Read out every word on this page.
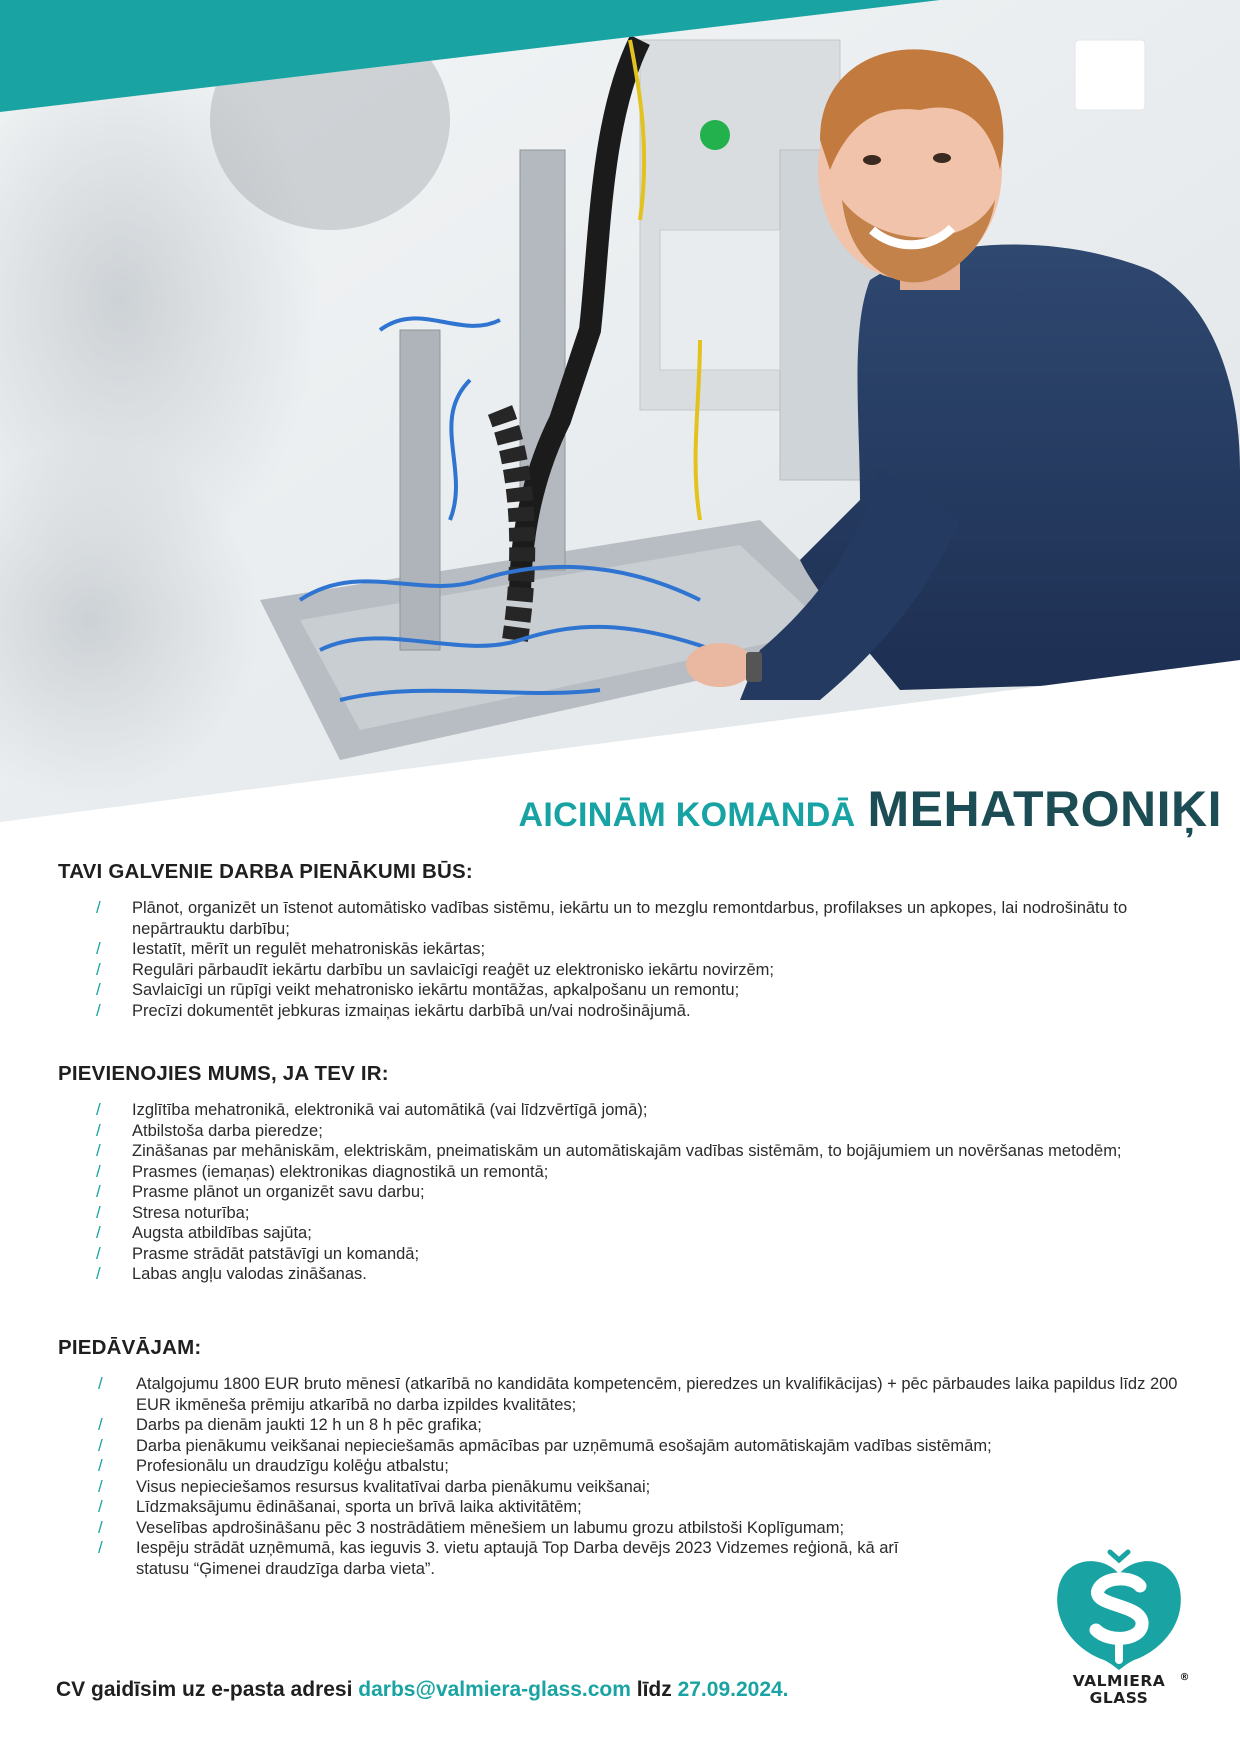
AICINĀM KOMANDĀ MEHATRONIĶI
TAVI GALVENIE DARBA PIENĀKUMI BŪS:
/ Plānot, organizēt un īstenot automātisko vadības sistēmu, iekārtu un to mezglu remontdarbus, profilakses un apkopes, lai nodrošinātu to nepārtrauktu darbību;
/ Iestatīt, mērīt un regulēt mehatroniskās iekārtas;
/ Regulāri pārbaudīt iekārtu darbību un savlaicīgi reaģēt uz elektronisko iekārtu novirzēm;
/ Savlaicīgi un rūpīgi veikt mehatronisko iekārtu montāžas, apkalpošanu un remontu;
/ Precīzi dokumentēt jebkuras izmaiņas iekārtu darbībā un/vai nodrošinājumā.
PIEVIENOJIES MUMS, JA TEV IR:
/ Izglītība mehatronikā, elektronikā vai automātikā (vai līdzvērtīgā jomā);
/ Atbilstoša darba pieredze;
/ Zināšanas par mehāniskām, elektriskām, pneimatiskām un automātiskajām vadības sistēmām, to bojājumiem un novēršanas metodēm;
/ Prasmes (iemaņas) elektronikas diagnostikā un remontā;
/ Prasme plānot un organizēt savu darbu;
/ Stresa noturība;
/ Augsta atbildības sajūta;
/ Prasme strādāt patstāvīgi un komandā;
/ Labas angļu valodas zināšanas.
PIEDĀVĀJAM:
/ Atalgojumu 1800 EUR bruto mēnesī (atkarībā no kandidāta kompetencēm, pieredzes un kvalifikācijas) + pēc pārbaudes laika papildus līdz 200 EUR ikmēneša prēmiju atkarībā no darba izpildes kvalitātes;
/ Darbs pa dienām jaukti 12 h un 8 h pēc grafika;
/ Darba pienākumu veikšanai nepieciešamās apmācības par uzņēmumā esošajām automātiskajām vadības sistēmām;
/ Profesionālu un draudzīgu kolēģu atbalstu;
/ Visus nepieciešamos resursus kvalitatīvai darba pienākumu veikšanai;
/ Līdzmaksājumu ēdināšanai, sporta un brīvā laika aktivitātēm;
/ Veselības apdrošināšanu pēc 3 nostrādātiem mēnešiem un labumu grozu atbilstoši Koplīgumam;
/ Iespēju strādāt uzņēmumā, kas ieguvis 3. vietu aptaujā Top Darba devējs 2023 Vidzemes reģionā, kā arī statusu “Ģimenei draudzīga darba vieta”.
CV gaidīsim uz e-pasta adresi darbs@valmiera-glass.com līdz 27.09.2024.	VALMIERA
GLASS
®
